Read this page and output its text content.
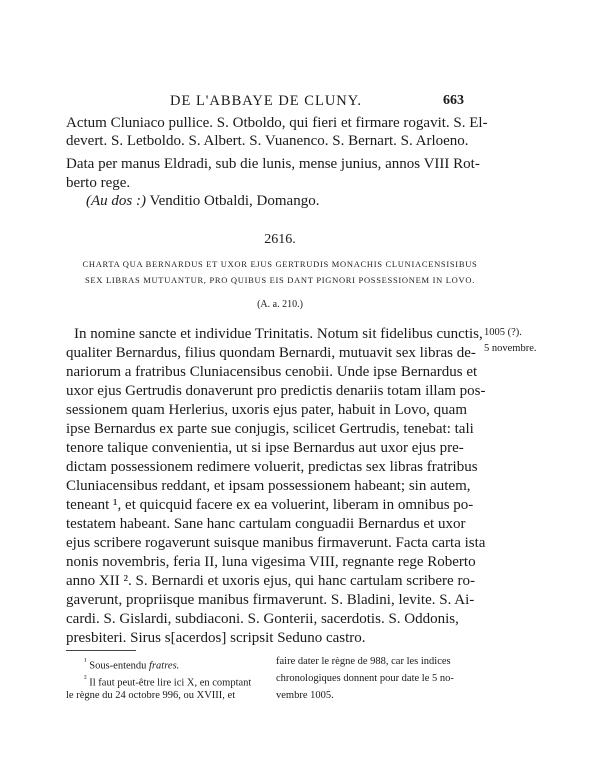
DE L'ABBAYE DE CLUNY.	663
Actum Cluniaco pullice. S. Otboldo, qui fieri et firmare rogavit. S. El-
devert. S. Letboldo. S. Albert. S. Vuanenco. S. Bernart. S. Arloeno.
Data per manus Eldradi, sub die lunis, mense junius, annos VIII Rot-
berto rege.
(Au dos :) Venditio Otbaldi, Domango.
2616.
CHARTA QUA BERNARDUS ET UXOR EJUS GERTRUDIS MONACHIS CLUNIACENSISIBUS
SEX LIBRAS MUTUANTUR, PRO QUIBUS EIS DANT PIGNORI POSSESSIONEM IN LOVO.
(A. a. 210.)
In nomine sancte et individue Trinitatis. Notum sit fidelibus cunctis,
qualiter Bernardus, filius quondam Bernardi, mutuavit sex libras de-
nariorum a fratribus Cluniacensibus cenobii. Unde ipse Bernardus et
uxor ejus Gertrudis donaverunt pro predictis denariis totam illam pos-
sessionem quam Herlerius, uxoris ejus pater, habuit in Lovo, quam
ipse Bernardus ex parte sue conjugis, scilicet Gertrudis, tenebat: tali
tenore talique convenientia, ut si ipse Bernardus aut uxor ejus pre-
dictam possessionem redimere voluerit, predictas sex libras fratribus
Cluniacensibus reddant, et ipsam possessionem habeant; sin autem,
teneant ¹, et quicquid facere ex ea voluerint, liberam in omnibus po-
testatem habeant. Sane hanc cartulam conguadii Bernardus et uxor
ejus scribere rogaverunt suisque manibus firmaverunt. Facta carta ista
nonis novembris, feria II, luna vigesima VIII, regnante rege Roberto
anno XII ². S. Bernardi et uxoris ejus, qui hanc cartulam scribere ro-
gaverunt, propriisque manibus firmaverunt. S. Bladini, levite. S. Ai-
cardi. S. Gislardi, subdiaconi. S. Gonterii, sacerdotis. S. Oddonis,
presbiteri. Sirus s[acerdos] scripsit Seduno castro.
1005 (?).
5 novembre.
$^{^1}$ Sous-entendu fratres.
$^{^2}$ Il faut peut-être lire ici X, en comptant
le règne du 24 octobre 996, ou XVIII, et
faire dater le règne de 988, car les indices
chronologiques donnent pour date le 5 no-
vembre 1005.
